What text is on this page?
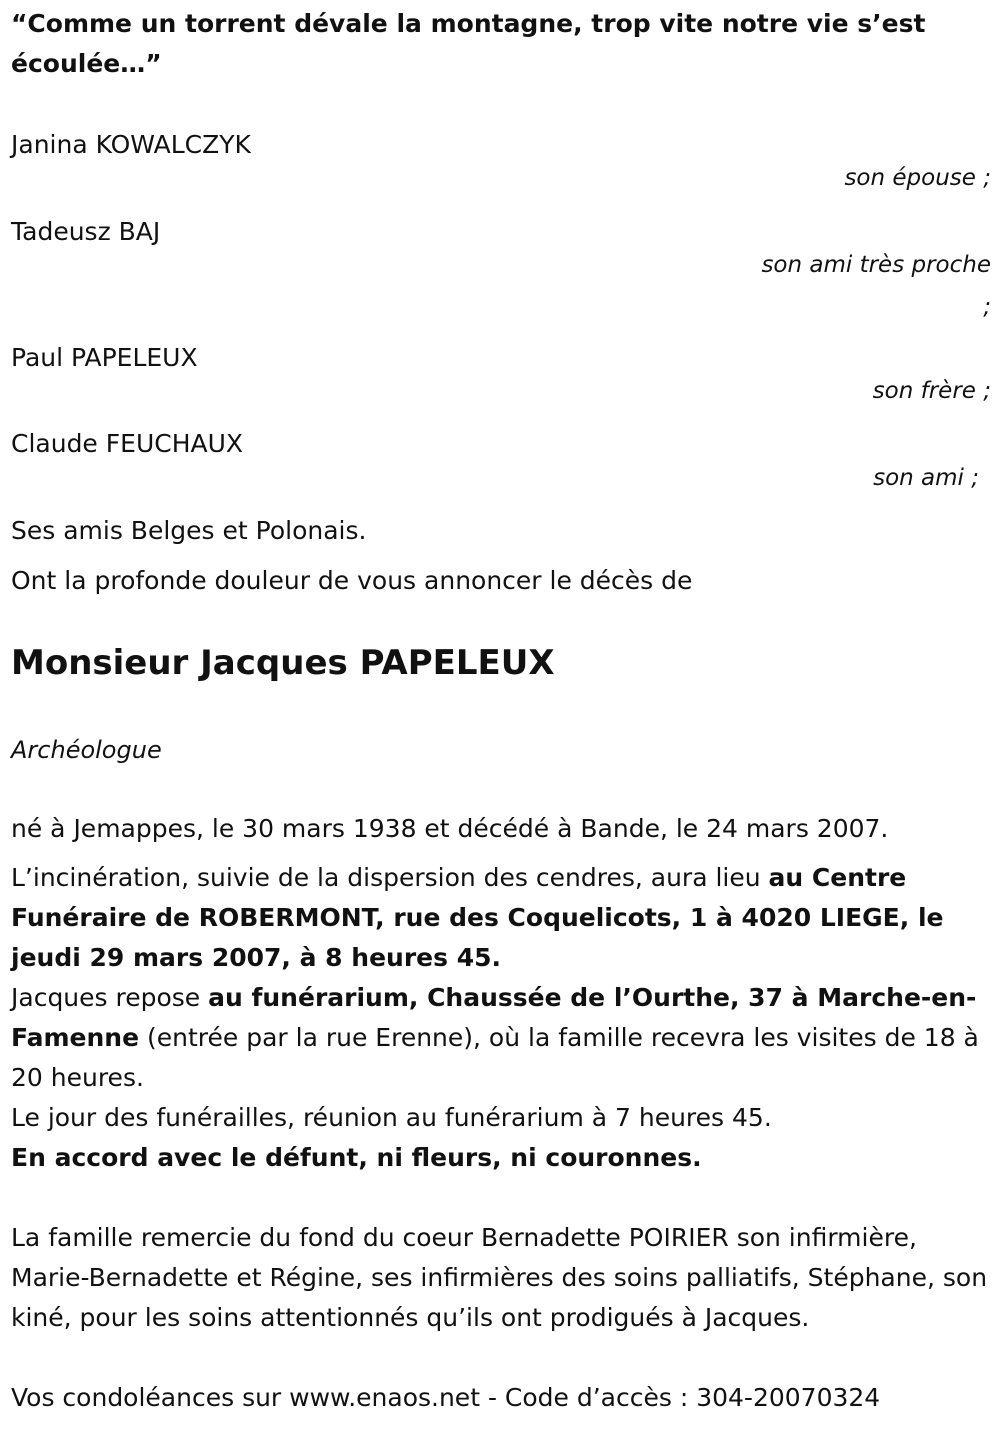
“Comme un torrent dévale la montagne, trop vite notre vie s’est écoulée…”
Janina KOWALCZYK
son épouse ;
Tadeusz BAJ
son ami très proche
;
Paul PAPELEUX
son frère ;
Claude FEUCHAUX
son ami ;
Ses amis Belges et Polonais.
Ont la profonde douleur de vous annoncer le décès de
Monsieur Jacques PAPELEUX
Archéologue
né à Jemappes, le 30 mars 1938 et décédé à Bande, le 24 mars 2007.
L’incinération, suivie de la dispersion des cendres, aura lieu au Centre Funéraire de ROBERMONT, rue des Coquelicots, 1 à 4020 LIEGE, le jeudi 29 mars 2007, à 8 heures 45.
Jacques repose au funérarium, Chaussée de l’Ourthe, 37 à Marche-en-Famenne (entrée par la rue Erenne), où la famille recevra les visites de 18 à 20 heures.
Le jour des funérailles, réunion au funérarium à 7 heures 45.
En accord avec le défunt, ni fleurs, ni couronnes.
La famille remercie du fond du coeur Bernadette POIRIER son infirmière, Marie-Bernadette et Régine, ses infirmières des soins palliatifs, Stéphane, son kiné, pour les soins attentionnés qu’ils ont prodigués à Jacques.
Vos condoléances sur www.enaos.net - Code d’accès : 304-20070324
